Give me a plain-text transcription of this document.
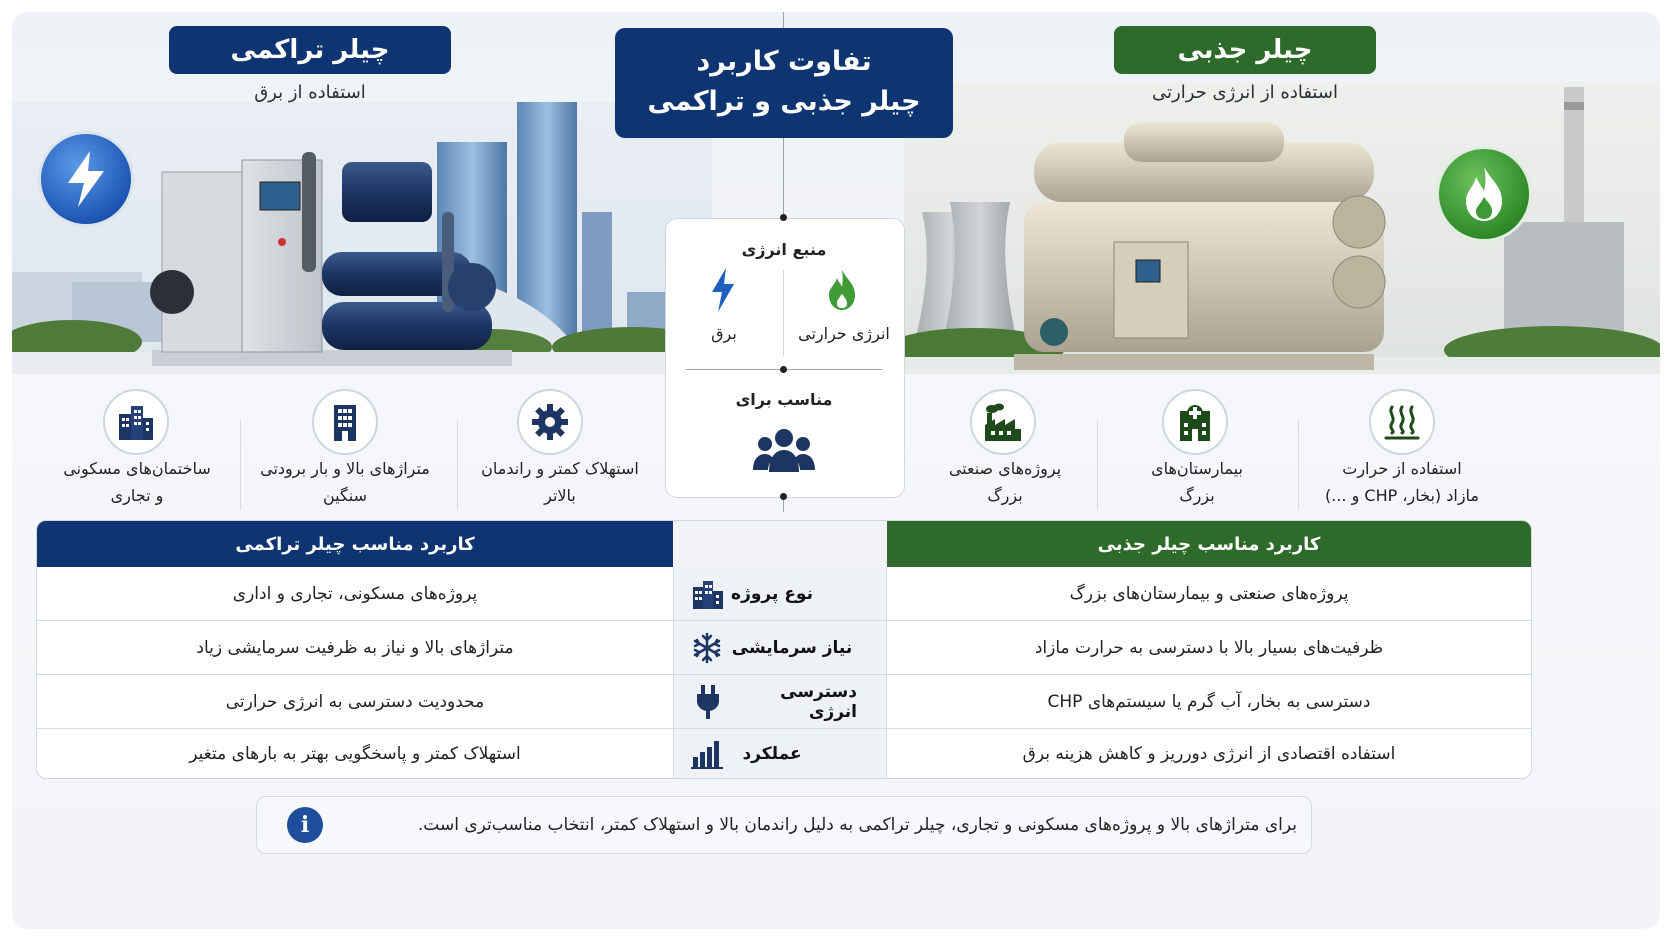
چیلر تراکمی
استفاده از برق
چیلر جذبی
استفاده از انرژی حرارتی
تفاوت کاربرد
چیلر جذبی و تراکمی
منبع انرژی
برق	انرژی حرارتی
مناسب برای
ساختمان‌های مسکونی
و تجاری
متراژهای بالا و بار برودتی
سنگین
استهلاک کمتر و راندمان
بالاتر
پروژه‌های صنعتی
بزرگ
بیمارستان‌های
بزرگ
استفاده از حرارت
مازاد (بخار، CHP و ...)
کاربرد مناسب چیلر تراکمی	کاربرد مناسب چیلر جذبی
پروژه‌های مسکونی، تجاری و اداری	نوع پروژه	پروژه‌های صنعتی و بیمارستان‌های بزرگ
متراژهای بالا و نیاز به ظرفیت سرمایشی زیاد	نیاز سرمایشی	ظرفیت‌های بسیار بالا با دسترسی به حرارت مازاد
محدودیت دسترسی به انرژی حرارتی	دسترسی انرژی	دسترسی به بخار، آب گرم یا سیستم‌های CHP
استهلاک کمتر و پاسخگویی بهتر به بارهای متغیر	عملکرد	استفاده اقتصادی از انرژی دورریز و کاهش هزینه برق
برای متراژهای بالا و پروژه‌های مسکونی و تجاری، چیلر تراکمی به دلیل راندمان بالا و استهلاک کمتر، انتخاب مناسب‌تری است.
i
